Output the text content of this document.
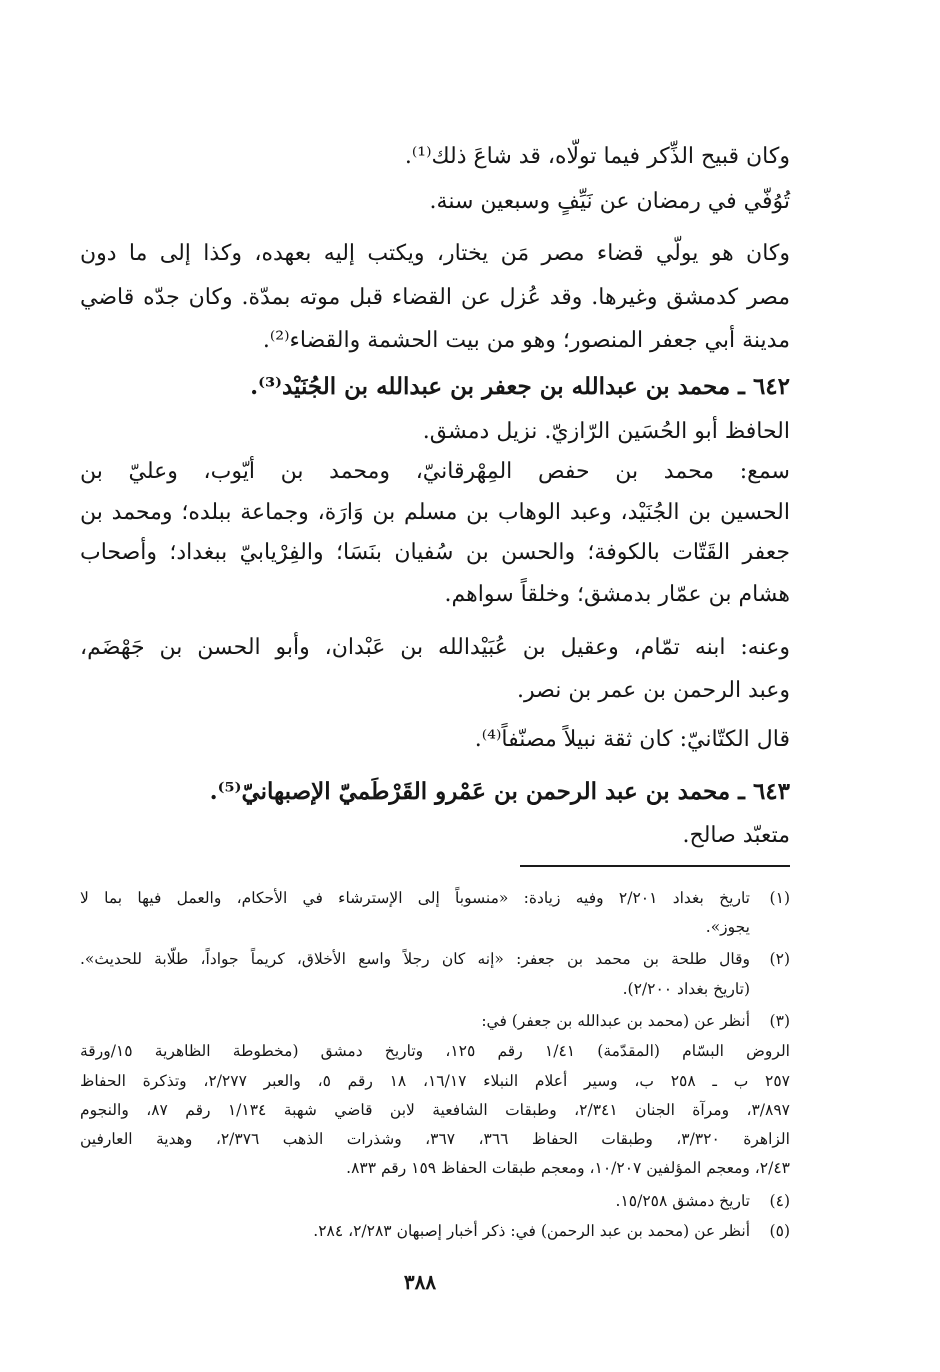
وكان قبيح الذِّكر فيما تولّاه، قد شاعَ ذلك⁽¹⁾.
تُوُفّي في رمضان عن نَيِّفٍ وسبعين سنة.
وكان هو يولّي قضاء مصر مَن يختار، ويكتب إليه بعهده، وكذا إلى ما دون
مصر كدمشق وغيرها. وقد عُزل عن القضاء قبل موته بمدّة. وكان جدّه قاضي
مدينة أبي جعفر المنصور؛ وهو من بيت الحشمة والقضاء⁽²⁾.
٦٤٢ ـ محمد بن عبدالله بن جعفر بن عبدالله بن الجُنَيْد⁽³⁾.
الحافظ أبو الحُسَين الرّازيّ. نزيل دمشق.
سمع: محمد بن حفص المِهْرقانيّ، ومحمد بن أيّوب، وعليّ بن
الحسين بن الجُنَيْد، وعبد الوهاب بن مسلم بن وَارَة، وجماعة ببلده؛ ومحمد بن
جعفر القَتّات بالكوفة؛ والحسن بن سُفيان بنَسَا؛ والفِرْيابيّ ببغداد؛ وأصحاب
هشام بن عمّار بدمشق؛ وخلقاً سواهم.
وعنه: ابنه تمّام، وعقيل بن عُبَيْدالله بن عَبْدان، وأبو الحسن بن جَهْضَم،
وعبد الرحمن بن عمر بن نصر.
قال الكتّانيّ: كان ثقة نبيلاً مصنّفاً⁽⁴⁾.
٦٤٣ ـ محمد بن عبد الرحمن بن عَمْرو القَرْطَميّ الإصبهانيّ⁽⁵⁾.
متعبّد صالح.
(١)
(٢)
(٣)
(٤)
(٥)
تاريخ بغداد ٢/٢٠١ وفيه زيادة: «منسوباً إلى الإسترشاء في الأحكام، والعمل فيها بما لا
يجوز».
وقال طلحة بن محمد بن جعفر: «إنه كان رجلاً واسع الأخلاق، كريماً جواداً، طلّابة للحديث».
(تاريخ بغداد ٢/٢٠٠).
أنظر عن (محمد بن عبدالله بن جعفر) في:
الروض البسّام (المقدّمة) ١/٤١ رقم ١٢٥، وتاريخ دمشق (مخطوطة الظاهرية ١٥/ورقة
٢٥٧ ب ـ ٢٥٨ ب، وسير أعلام النبلاء ١٦/١٧، ١٨ رقم ٥، والعبر ٢/٢٧٧، وتذكرة الحفاظ
٣/٨٩٧، ومرآة الجنان ٢/٣٤١، وطبقات الشافعية لابن قاضي شهبة ١/١٣٤ رقم ٨٧، والنجوم
الزاهرة ٣/٣٢٠، وطبقات الحفاظ ٣٦٦، ٣٦٧، وشذرات الذهب ٢/٣٧٦، وهدية العارفين
٢/٤٣، ومعجم المؤلفين ١٠/٢٠٧، ومعجم طبقات الحفاظ ١٥٩ رقم ٨٣٣.
تاريخ دمشق ١٥/٢٥٨.
أنظر عن (محمد بن عبد الرحمن) في: ذكر أخبار إصبهان ٢/٢٨٣، ٢٨٤.
٣٨٨
